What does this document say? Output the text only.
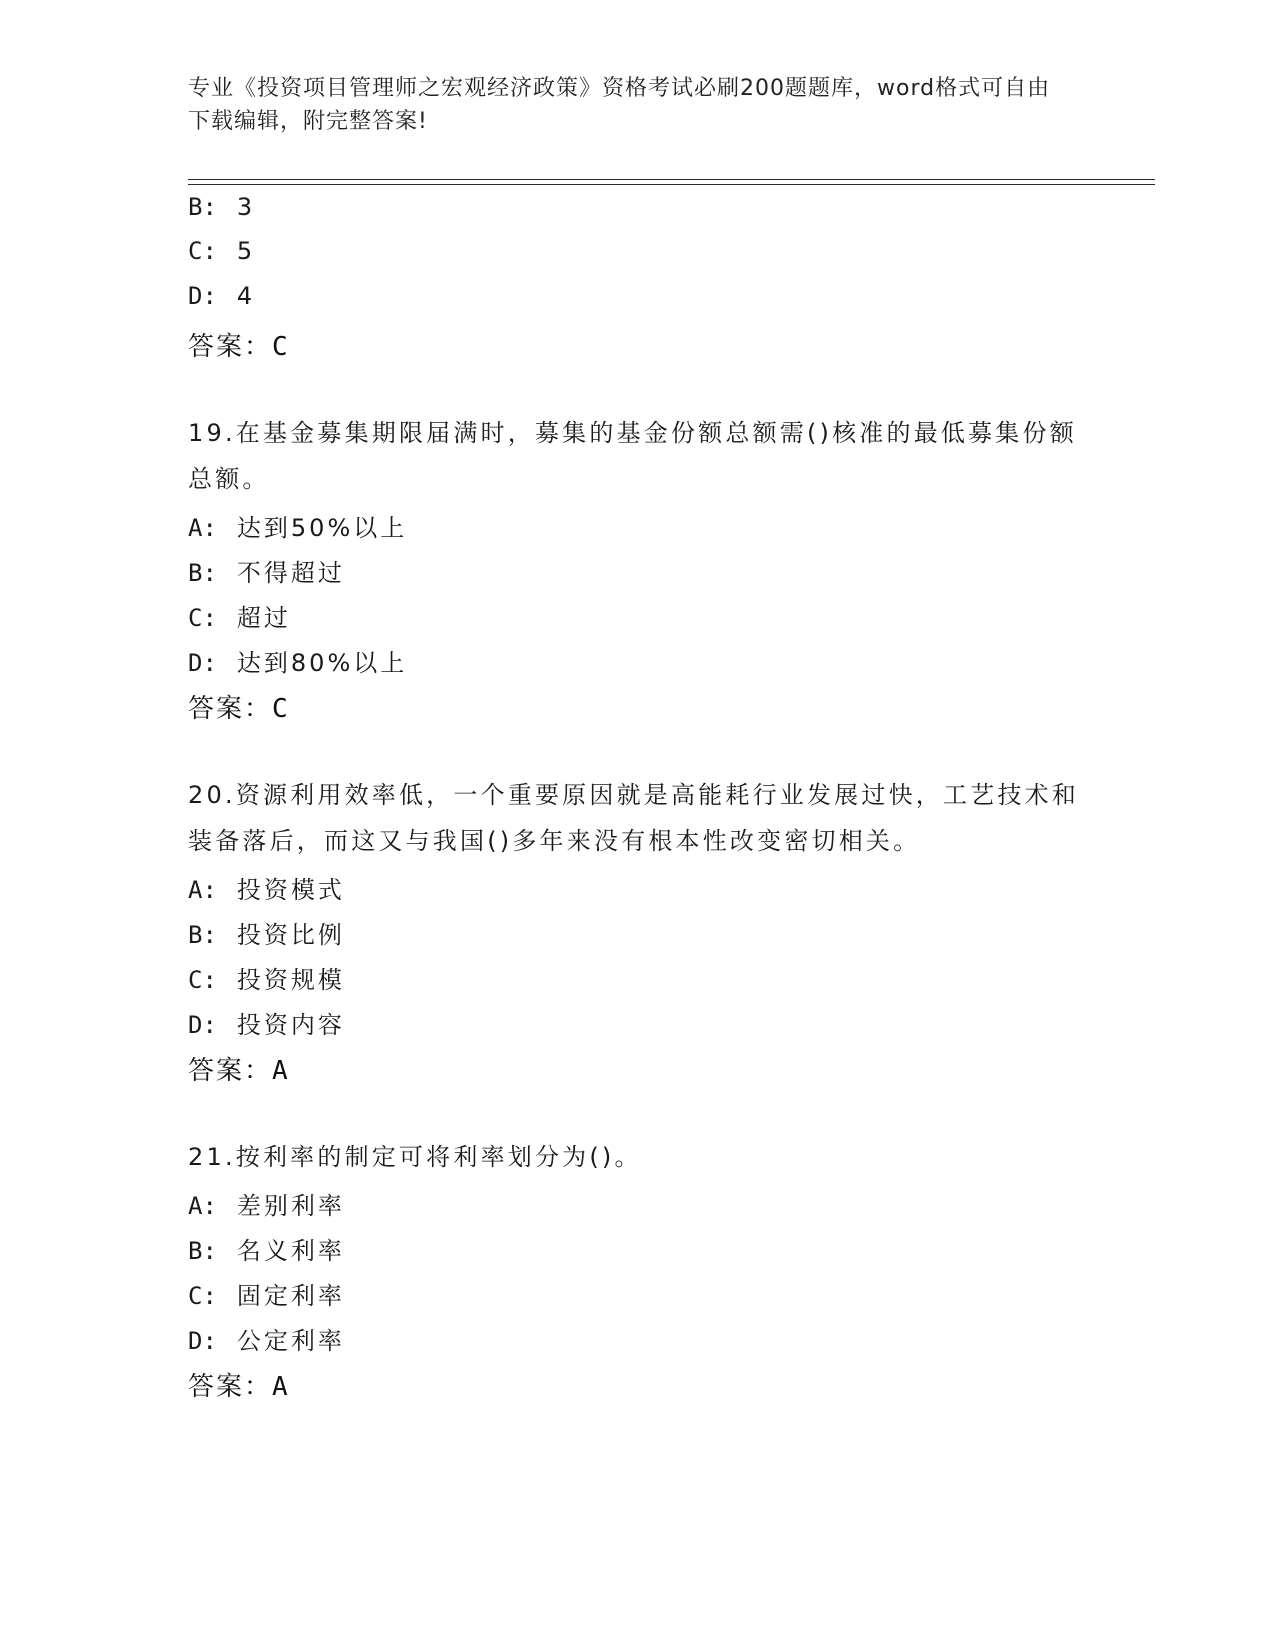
专业《投资项目管理师之宏观经济政策》资格考试必刷200题题库，word格式可自由下载编辑，附完整答案!
B: 3
C: 5
D: 4
答案：C
19.在基金募集期限届满时，募集的基金份额总额需()核准的最低募集份额总额。
A: 达到50%以上
B: 不得超过
C: 超过
D: 达到80%以上
答案：C
20.资源利用效率低，一个重要原因就是高能耗行业发展过快，工艺技术和装备落后，而这又与我国()多年来没有根本性改变密切相关。
A: 投资模式
B: 投资比例
C: 投资规模
D: 投资内容
答案：A
21.按利率的制定可将利率划分为()。
A: 差别利率
B: 名义利率
C: 固定利率
D: 公定利率
答案：A
